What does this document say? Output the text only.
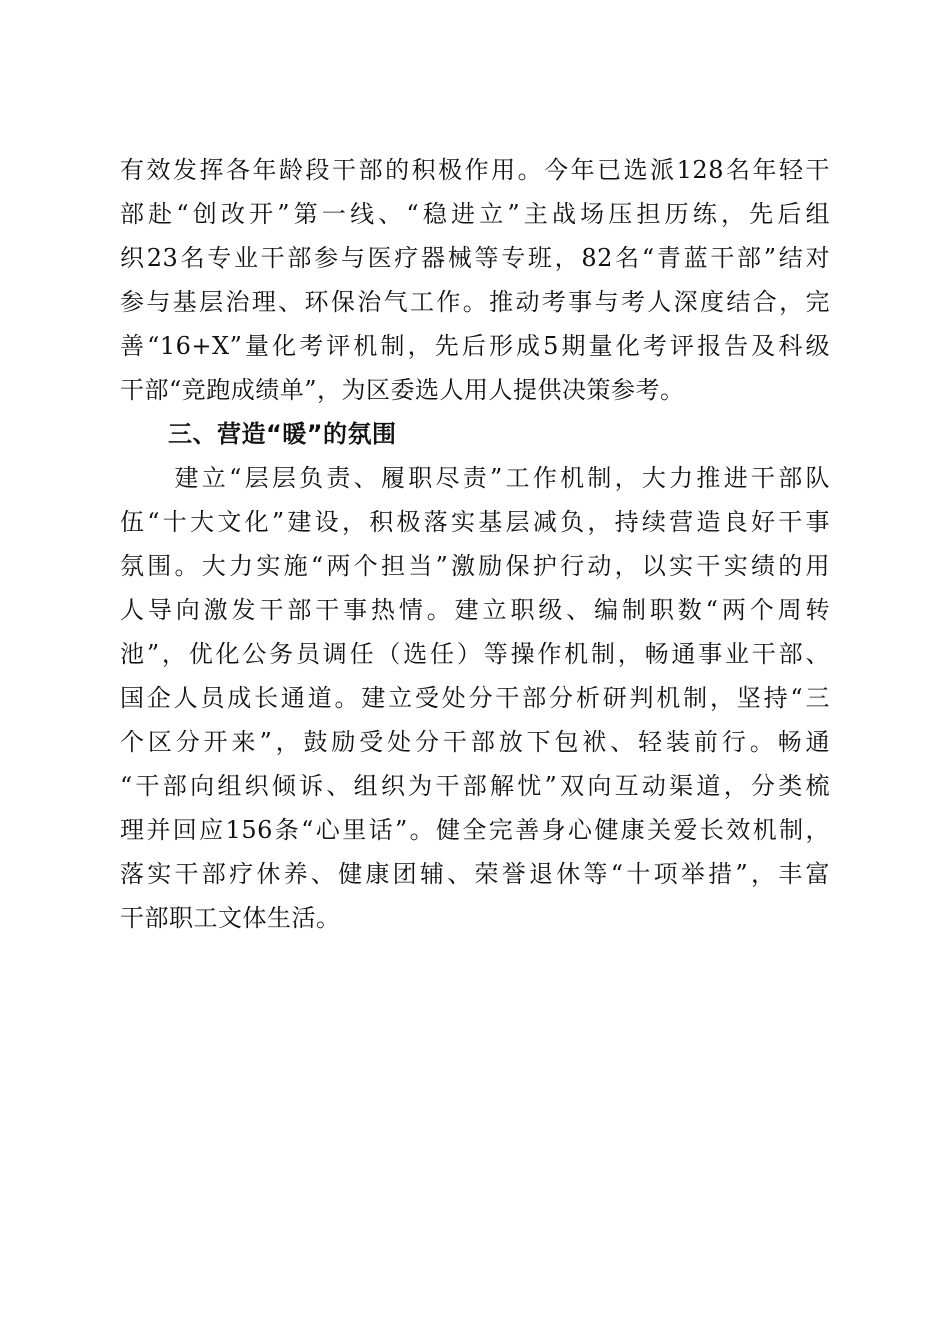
有效发挥各年龄段干部的积极作用。今年已选派128名年轻干
部赴“创改开”第一线、“稳进立”主战场压担历练，先后组
织23名专业干部参与医疗器械等专班，82名“青蓝干部”结对
参与基层治理、环保治气工作。推动考事与考人深度结合，完
善“16+X”量化考评机制，先后形成5期量化考评报告及科级
干部“竞跑成绩单”，为区委选人用人提供决策参考。
三、营造“暖”的氛围
　　建立“层层负责、履职尽责”工作机制，大力推进干部队
伍“十大文化”建设，积极落实基层减负，持续营造良好干事
氛围。大力实施“两个担当”激励保护行动，以实干实绩的用
人导向激发干部干事热情。建立职级、编制职数“两个周转
池”，优化公务员调任（选任）等操作机制，畅通事业干部、
国企人员成长通道。建立受处分干部分析研判机制，坚持“三
个区分开来”，鼓励受处分干部放下包袱、轻装前行。畅通
“干部向组织倾诉、组织为干部解忧”双向互动渠道，分类梳
理并回应156条“心里话”。健全完善身心健康关爱长效机制，
落实干部疗休养、健康团辅、荣誉退休等“十项举措”，丰富
干部职工文体生活。
